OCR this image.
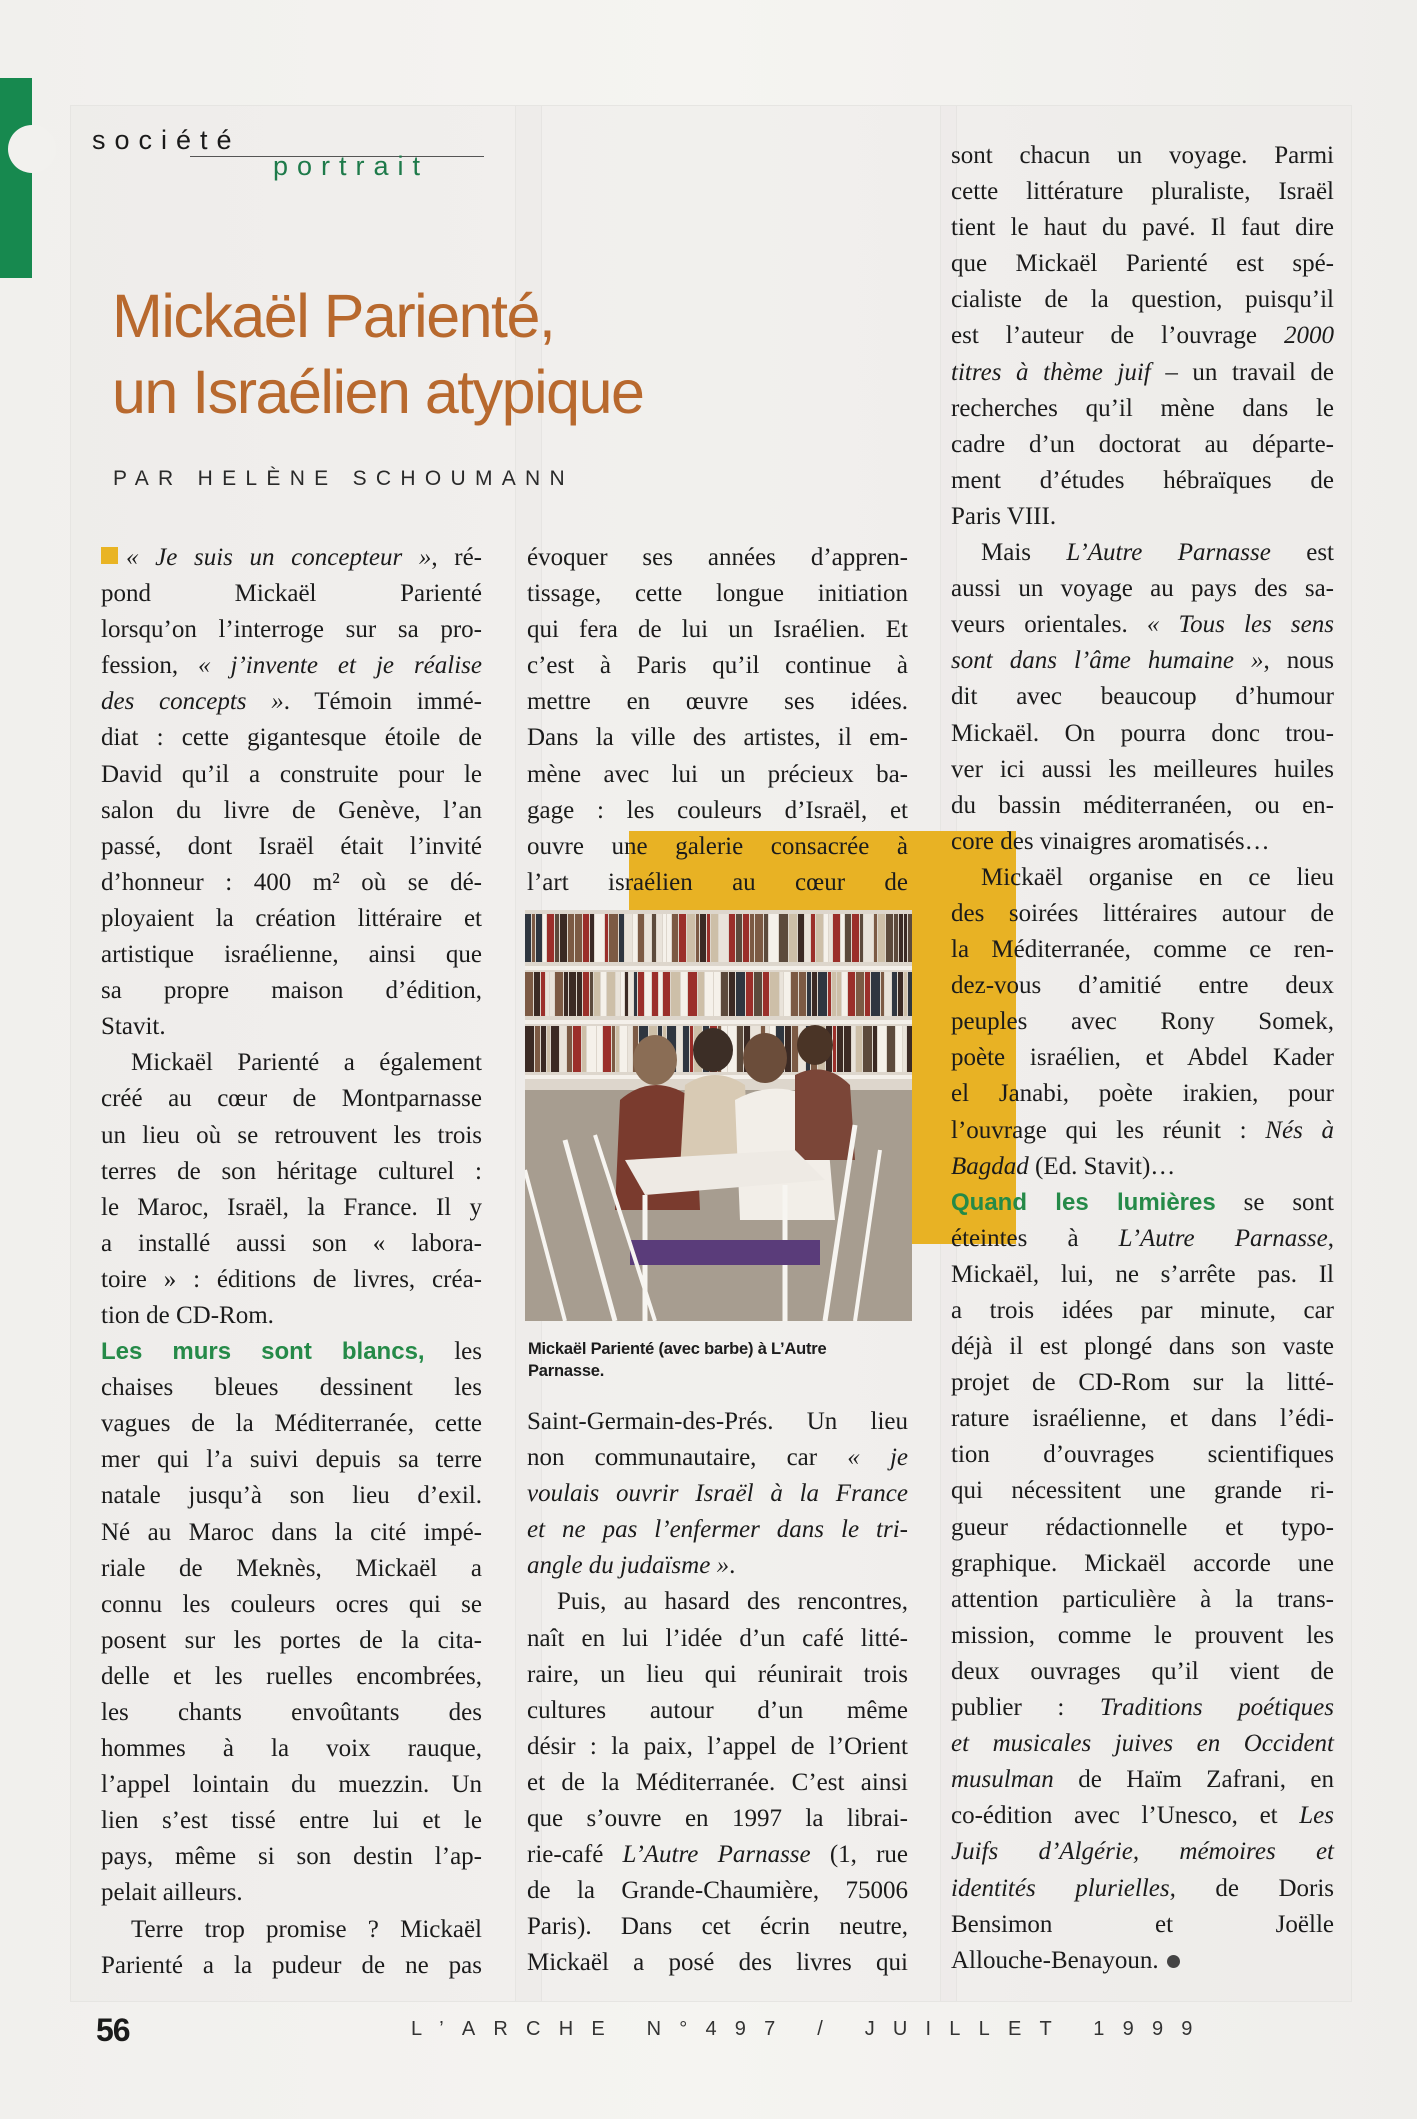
société
portrait
Mickaël Parienté,
un Israélien atypique
PAR HELÈNE SCHOUMANN
Mickaël Parienté (avec barbe) à L’Autre
Parnasse.
« Je suis un concepteur », ré-
pond Mickaël Parienté
lorsqu’on l’interroge sur sa pro-
fession, « j’invente et je réalise
des concepts ». Témoin immé-
diat : cette gigantesque étoile de
David qu’il a construite pour le
salon du livre de Genève, l’an
passé, dont Israël était l’invité
d’honneur : 400 m² où se dé-
ployaient la création littéraire et
artistique israélienne, ainsi que
sa propre maison d’édition,
Stavit.
Mickaël Parienté a également
créé au cœur de Montparnasse
un lieu où se retrouvent les trois
terres de son héritage culturel :
le Maroc, Israël, la France. Il y
a installé aussi son « labora-
toire » : éditions de livres, créa-
tion de CD-Rom.
Les murs sont blancs, les
chaises bleues dessinent les
vagues de la Méditerranée, cette
mer qui l’a suivi depuis sa terre
natale jusqu’à son lieu d’exil.
Né au Maroc dans la cité impé-
riale de Meknès, Mickaël a
connu les couleurs ocres qui se
posent sur les portes de la cita-
delle et les ruelles encombrées,
les chants envoûtants des
hommes à la voix rauque,
l’appel lointain du muezzin. Un
lien s’est tissé entre lui et le
pays, même si son destin l’ap-
pelait ailleurs.
Terre trop promise ? Mickaël
Parienté a la pudeur de ne pas
évoquer ses années d’appren-
tissage, cette longue initiation
qui fera de lui un Israélien. Et
c’est à Paris qu’il continue à
mettre en œuvre ses idées.
Dans la ville des artistes, il em-
mène avec lui un précieux ba-
gage : les couleurs d’Israël, et
ouvre une galerie consacrée à
l’art israélien au cœur de
Saint-Germain-des-Prés. Un lieu
non communautaire, car « je
voulais ouvrir Israël à la France
et ne pas l’enfermer dans le tri-
angle du judaïsme ».
Puis, au hasard des rencontres,
naît en lui l’idée d’un café litté-
raire, un lieu qui réunirait trois
cultures autour d’un même
désir : la paix, l’appel de l’Orient
et de la Méditerranée. C’est ainsi
que s’ouvre en 1997 la librai-
rie-café L’Autre Parnasse (1, rue
de la Grande-Chaumière, 75006
Paris). Dans cet écrin neutre,
Mickaël a posé des livres qui
sont chacun un voyage. Parmi
cette littérature pluraliste, Israël
tient le haut du pavé. Il faut dire
que Mickaël Parienté est spé-
cialiste de la question, puisqu’il
est l’auteur de l’ouvrage 2000
titres à thème juif – un travail de
recherches qu’il mène dans le
cadre d’un doctorat au départe-
ment d’études hébraïques de
Paris VIII.
Mais L’Autre Parnasse est
aussi un voyage au pays des sa-
veurs orientales. « Tous les sens
sont dans l’âme humaine », nous
dit avec beaucoup d’humour
Mickaël. On pourra donc trou-
ver ici aussi les meilleures huiles
du bassin méditerranéen, ou en-
core des vinaigres aromatisés…
Mickaël organise en ce lieu
des soirées littéraires autour de
la Méditerranée, comme ce ren-
dez-vous d’amitié entre deux
peuples avec Rony Somek,
poète israélien, et Abdel Kader
el Janabi, poète irakien, pour
l’ouvrage qui les réunit : Nés à
Bagdad (Ed. Stavit)…
Quand les lumières se sont
éteintes à L’Autre Parnasse,
Mickaël, lui, ne s’arrête pas. Il
a trois idées par minute, car
déjà il est plongé dans son vaste
projet de CD-Rom sur la litté-
rature israélienne, et dans l’édi-
tion d’ouvrages scientifiques
qui nécessitent une grande ri-
gueur rédactionnelle et typo-
graphique. Mickaël accorde une
attention particulière à la trans-
mission, comme le prouvent les
deux ouvrages qu’il vient de
publier : Traditions poétiques
et musicales juives en Occident
musulman de Haïm Zafrani, en
co-édition avec l’Unesco, et Les
Juifs d’Algérie, mémoires et
identités plurielles, de Doris
Bensimon et Joëlle
Allouche-Benayoun.
56	L’ARCHE N°497 / JUILLET 1999
